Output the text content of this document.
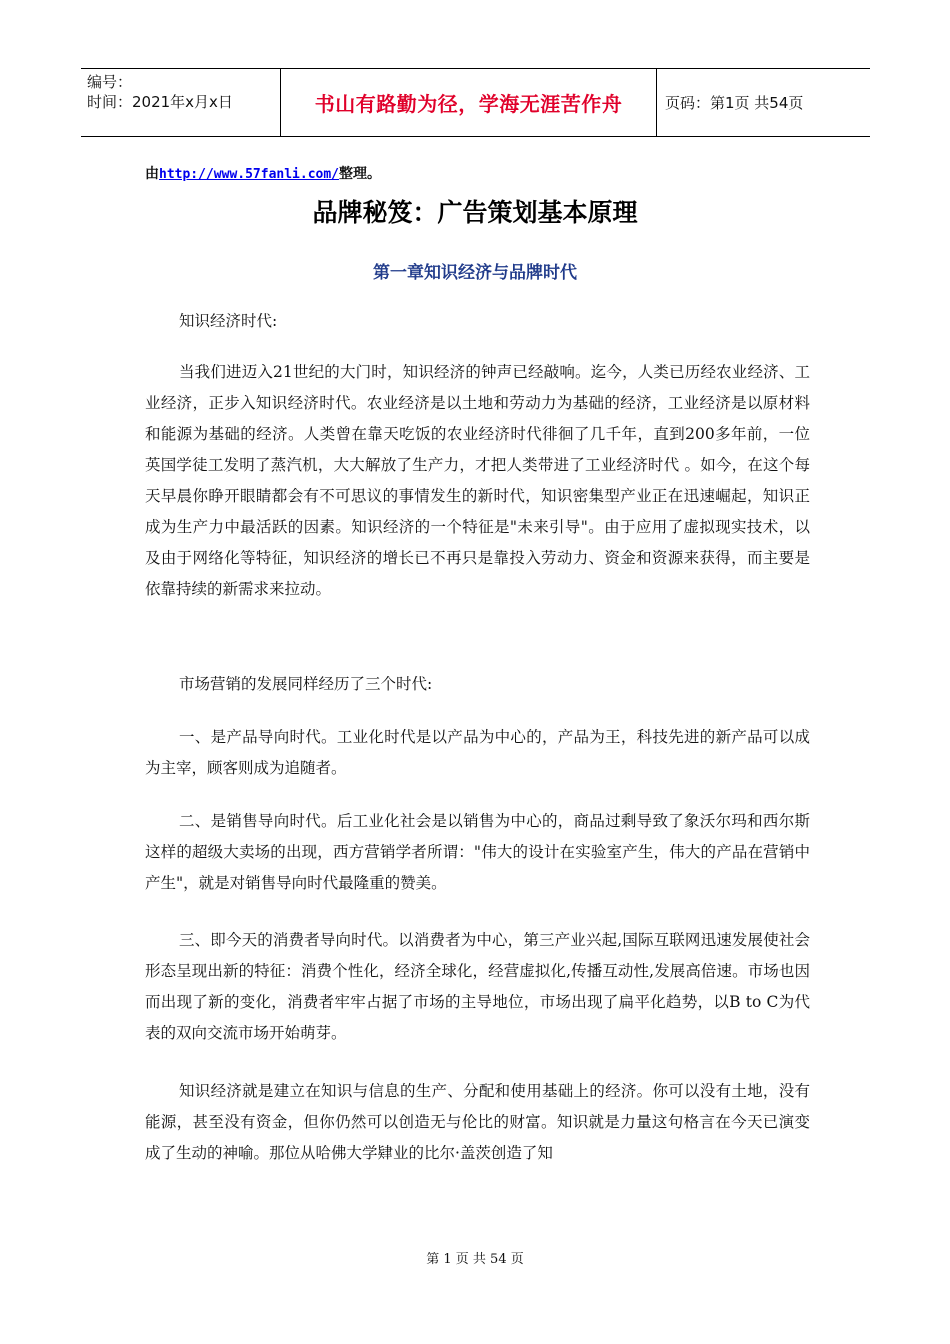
编号：
时间：2021年x月x日	书山有路勤为径，学海无涯苦作舟	页码：第1页 共54页
由http://www.57fanli.com/整理。
品牌秘笈：广告策划基本原理
第一章知识经济与品牌时代
知识经济时代:
当我们进迈入21世纪的大门时，知识经济的钟声已经敲响。迄今，人类已历经农业经济、工业经济，正步入知识经济时代。农业经济是以土地和劳动力为基础的经济，工业经济是以原材料和能源为基础的经济。人类曾在靠天吃饭的农业经济时代徘徊了几千年，直到200多年前，一位英国学徒工发明了蒸汽机，大大解放了生产力，才把人类带进了工业经济时代 。如今，在这个每天早晨你睁开眼睛都会有不可思议的事情发生的新时代，知识密集型产业正在迅速崛起，知识正成为生产力中最活跃的因素。知识经济的一个特征是"未来引导"。由于应用了虚拟现实技术，以及由于网络化等特征，知识经济的增长已不再只是靠投入劳动力、资金和资源来获得，而主要是依靠持续的新需求来拉动。
市场营销的发展同样经历了三个时代:
一、是产品导向时代。工业化时代是以产品为中心的，产品为王，科技先进的新产品可以成为主宰，顾客则成为追随者。
二、是销售导向时代。后工业化社会是以销售为中心的，商品过剩导致了象沃尔玛和西尔斯这样的超级大卖场的出现，西方营销学者所谓："伟大的设计在实验室产生，伟大的产品在营销中产生"，就是对销售导向时代最隆重的赞美。
三、即今天的消费者导向时代。以消费者为中心，第三产业兴起,国际互联网迅速发展使社会形态呈现出新的特征：消费个性化，经济全球化，经营虚拟化,传播互动性,发展高倍速。市场也因而出现了新的变化，消费者牢牢占据了市场的主导地位，市场出现了扁平化趋势，以B to C为代表的双向交流市场开始萌芽。
知识经济就是建立在知识与信息的生产、分配和使用基础上的经济。你可以没有土地，没有能源，甚至没有资金，但你仍然可以创造无与伦比的财富。知识就是力量这句格言在今天已演变成了生动的神喻。那位从哈佛大学肄业的比尔·盖茨创造了知
第 1 页 共 54 页
